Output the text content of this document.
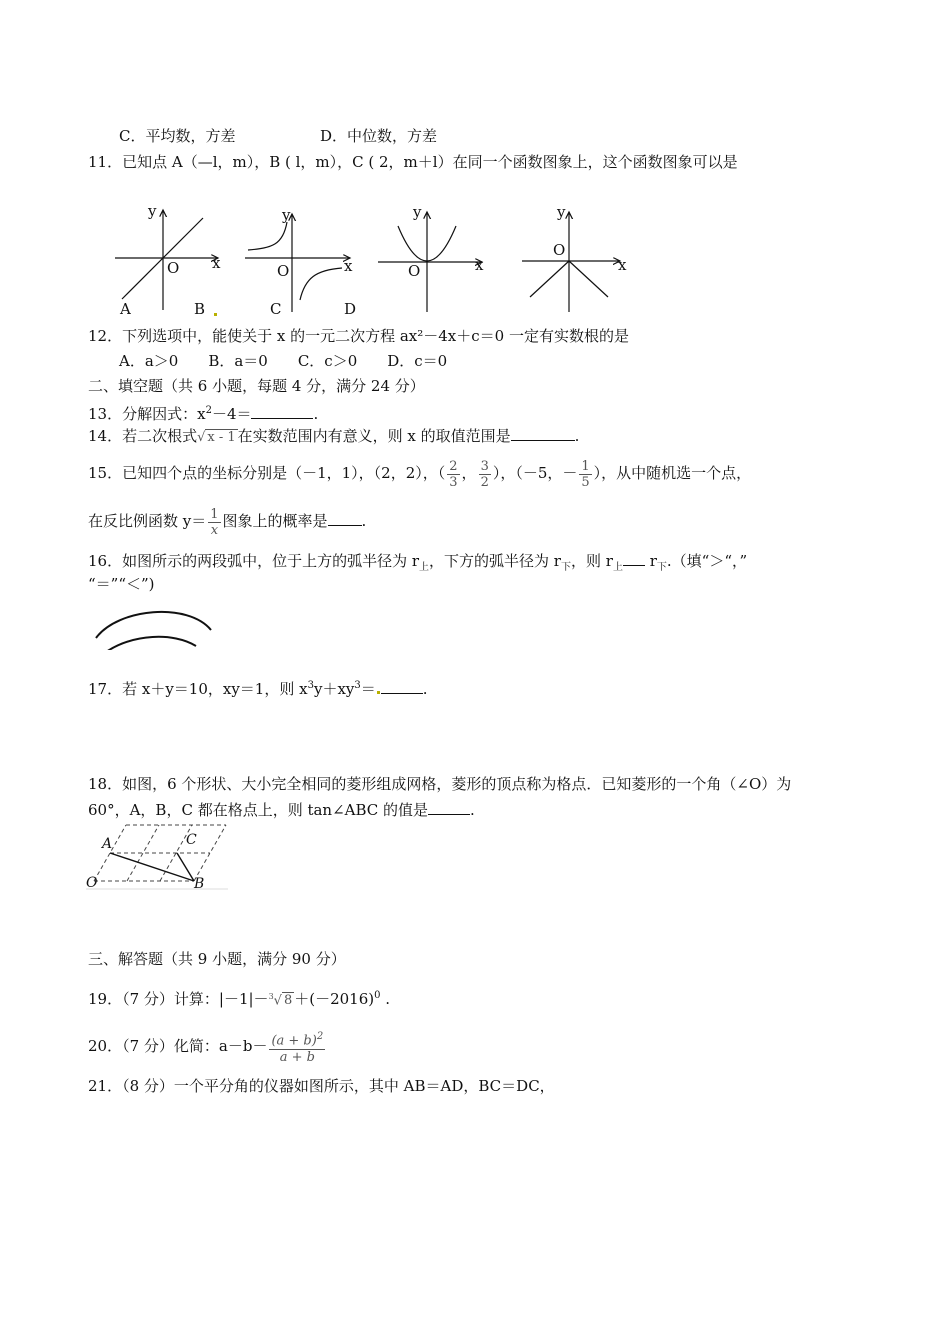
C．平均数，方差	D．中位数，方差
11．已知点 A（—l，m），B ( l，m），C ( 2，m＋l）在同一个函数图象上，这个函数图象可以是
y
x
O
y
x
O
y
x
O
y
x
O
A	B	C	D
12．下列选项中，能使关于 x 的一元二次方程 ax²－4x＋c＝0 一定有实数根的是
A．a＞0　　B．a＝0　　C．c＞0　　D．c＝0
二、填空题（共 6 小题，每题 4 分，满分 24 分）
13．分解因式：$x^2-4=$	.
14．若二次根式√ x - 1 在实数范围内有意义，则 x 的取值范围是	.
15．已知四个点的坐标分别是（－1，1），（2，2），（ $\frac{2}{3}$ ， $\frac{3}{2}$ ），（－5，－ $\frac{1}{5}$ ），从中随机选一个点，
在反比例函数 $y= \frac{1}{x}$ 图象上的概率是 .
16．如图所示的两段弧中，位于上方的弧半径为 $r_上$，下方的弧半径为 $r_下$，则 $r_上$ $r_下$.（填“＞“，”
“＝”“＜”)
17．若 x＋y＝10，xy＝1，则 $x^3y+xy^3=$	.
18．如图，6 个形状、大小完全相同的菱形组成网格，菱形的顶点称为格点．已知菱形的一个角（∠O）为
60°，A，B，C 都在格点上，则 tan∠ABC 的值是	.
A	C
O	B
三、解答题（共 9 小题，满分 90 分）
19．（7 分）计算：|－1|－$^3$√ $8 +(-2016)^0$ .
20．（7 分）化简：$a-b- \frac{(a + b)^2}{a + b}$
21．（8 分）一个平分角的仪器如图所示，其中 AB＝AD，BC＝DC，
